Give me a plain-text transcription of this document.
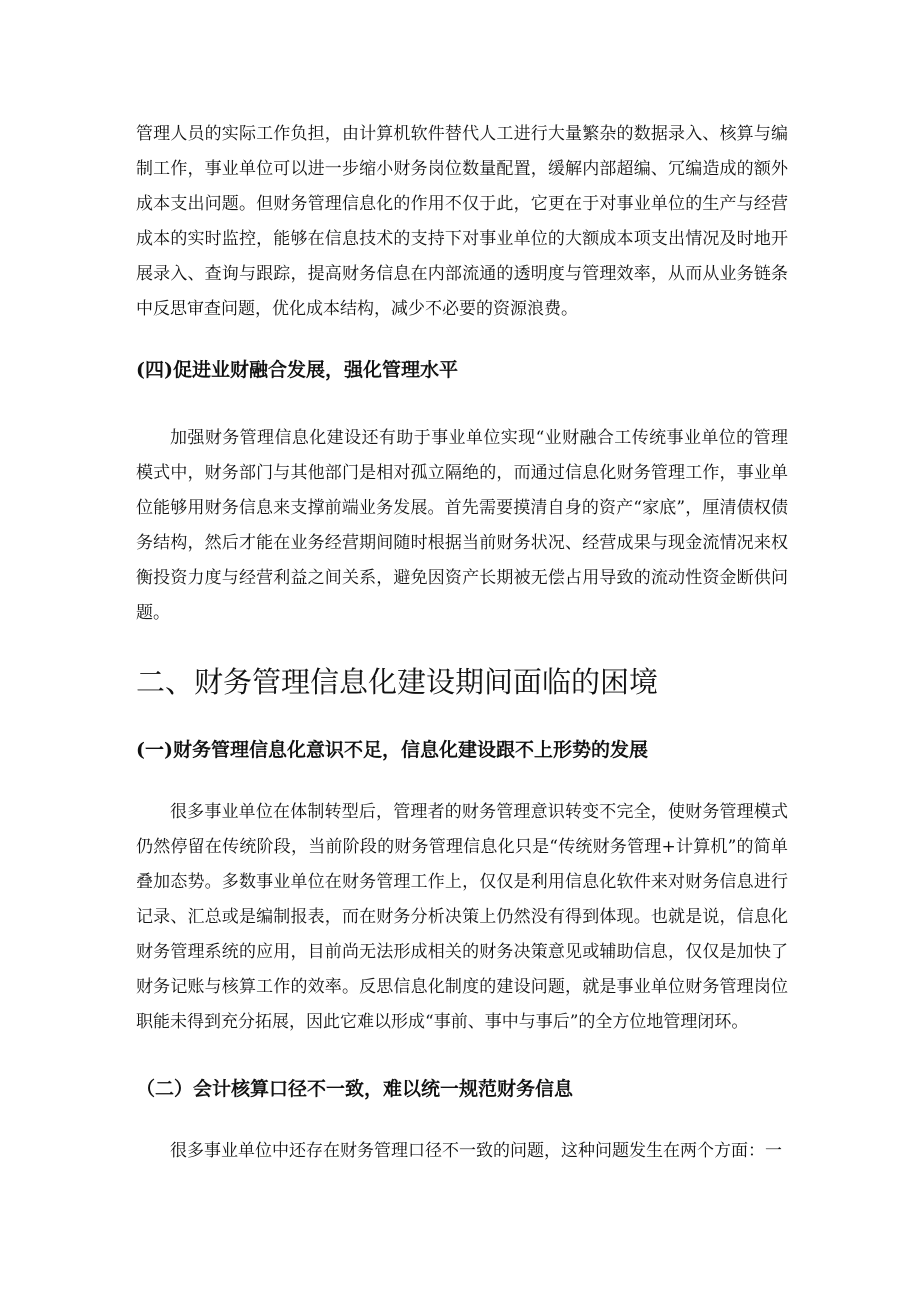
管理人员的实际工作负担，由计算机软件替代人工进行大量繁杂的数据录入、核算与编制工作，事业单位可以进一步缩小财务岗位数量配置，缓解内部超编、冗编造成的额外成本支出问题。但财务管理信息化的作用不仅于此，它更在于对事业单位的生产与经营成本的实时监控，能够在信息技术的支持下对事业单位的大额成本项支出情况及时地开展录入、查询与跟踪，提高财务信息在内部流通的透明度与管理效率，从而从业务链条中反思审查问题，优化成本结构，减少不必要的资源浪费。

(四)促进业财融合发展，强化管理水平

加强财务管理信息化建设还有助于事业单位实现“业财融合工传统事业单位的管理模式中，财务部门与其他部门是相对孤立隔绝的，而通过信息化财务管理工作，事业单位能够用财务信息来支撑前端业务发展。首先需要摸清自身的资产“家底”，厘清债权债务结构，然后才能在业务经营期间随时根据当前财务状况、经营成果与现金流情况来权衡投资力度与经营利益之间关系，避免因资产长期被无偿占用导致的流动性资金断供问题。

二、财务管理信息化建设期间面临的困境
(一)财务管理信息化意识不足，信息化建设跟不上形势的发展

很多事业单位在体制转型后，管理者的财务管理意识转变不完全，使财务管理模式仍然停留在传统阶段，当前阶段的财务管理信息化只是“传统财务管理+计算机”的简单叠加态势。多数事业单位在财务管理工作上，仅仅是利用信息化软件来对财务信息进行记录、汇总或是编制报表，而在财务分析决策上仍然没有得到体现。也就是说，信息化财务管理系统的应用，目前尚无法形成相关的财务决策意见或辅助信息，仅仅是加快了财务记账与核算工作的效率。反思信息化制度的建设问题，就是事业单位财务管理岗位职能未得到充分拓展，因此它难以形成“事前、事中与事后”的全方位地管理闭环。

（二）会计核算口径不一致，难以统一规范财务信息

很多事业单位中还存在财务管理口径不一致的问题，这种问题发生在两个方面：一
